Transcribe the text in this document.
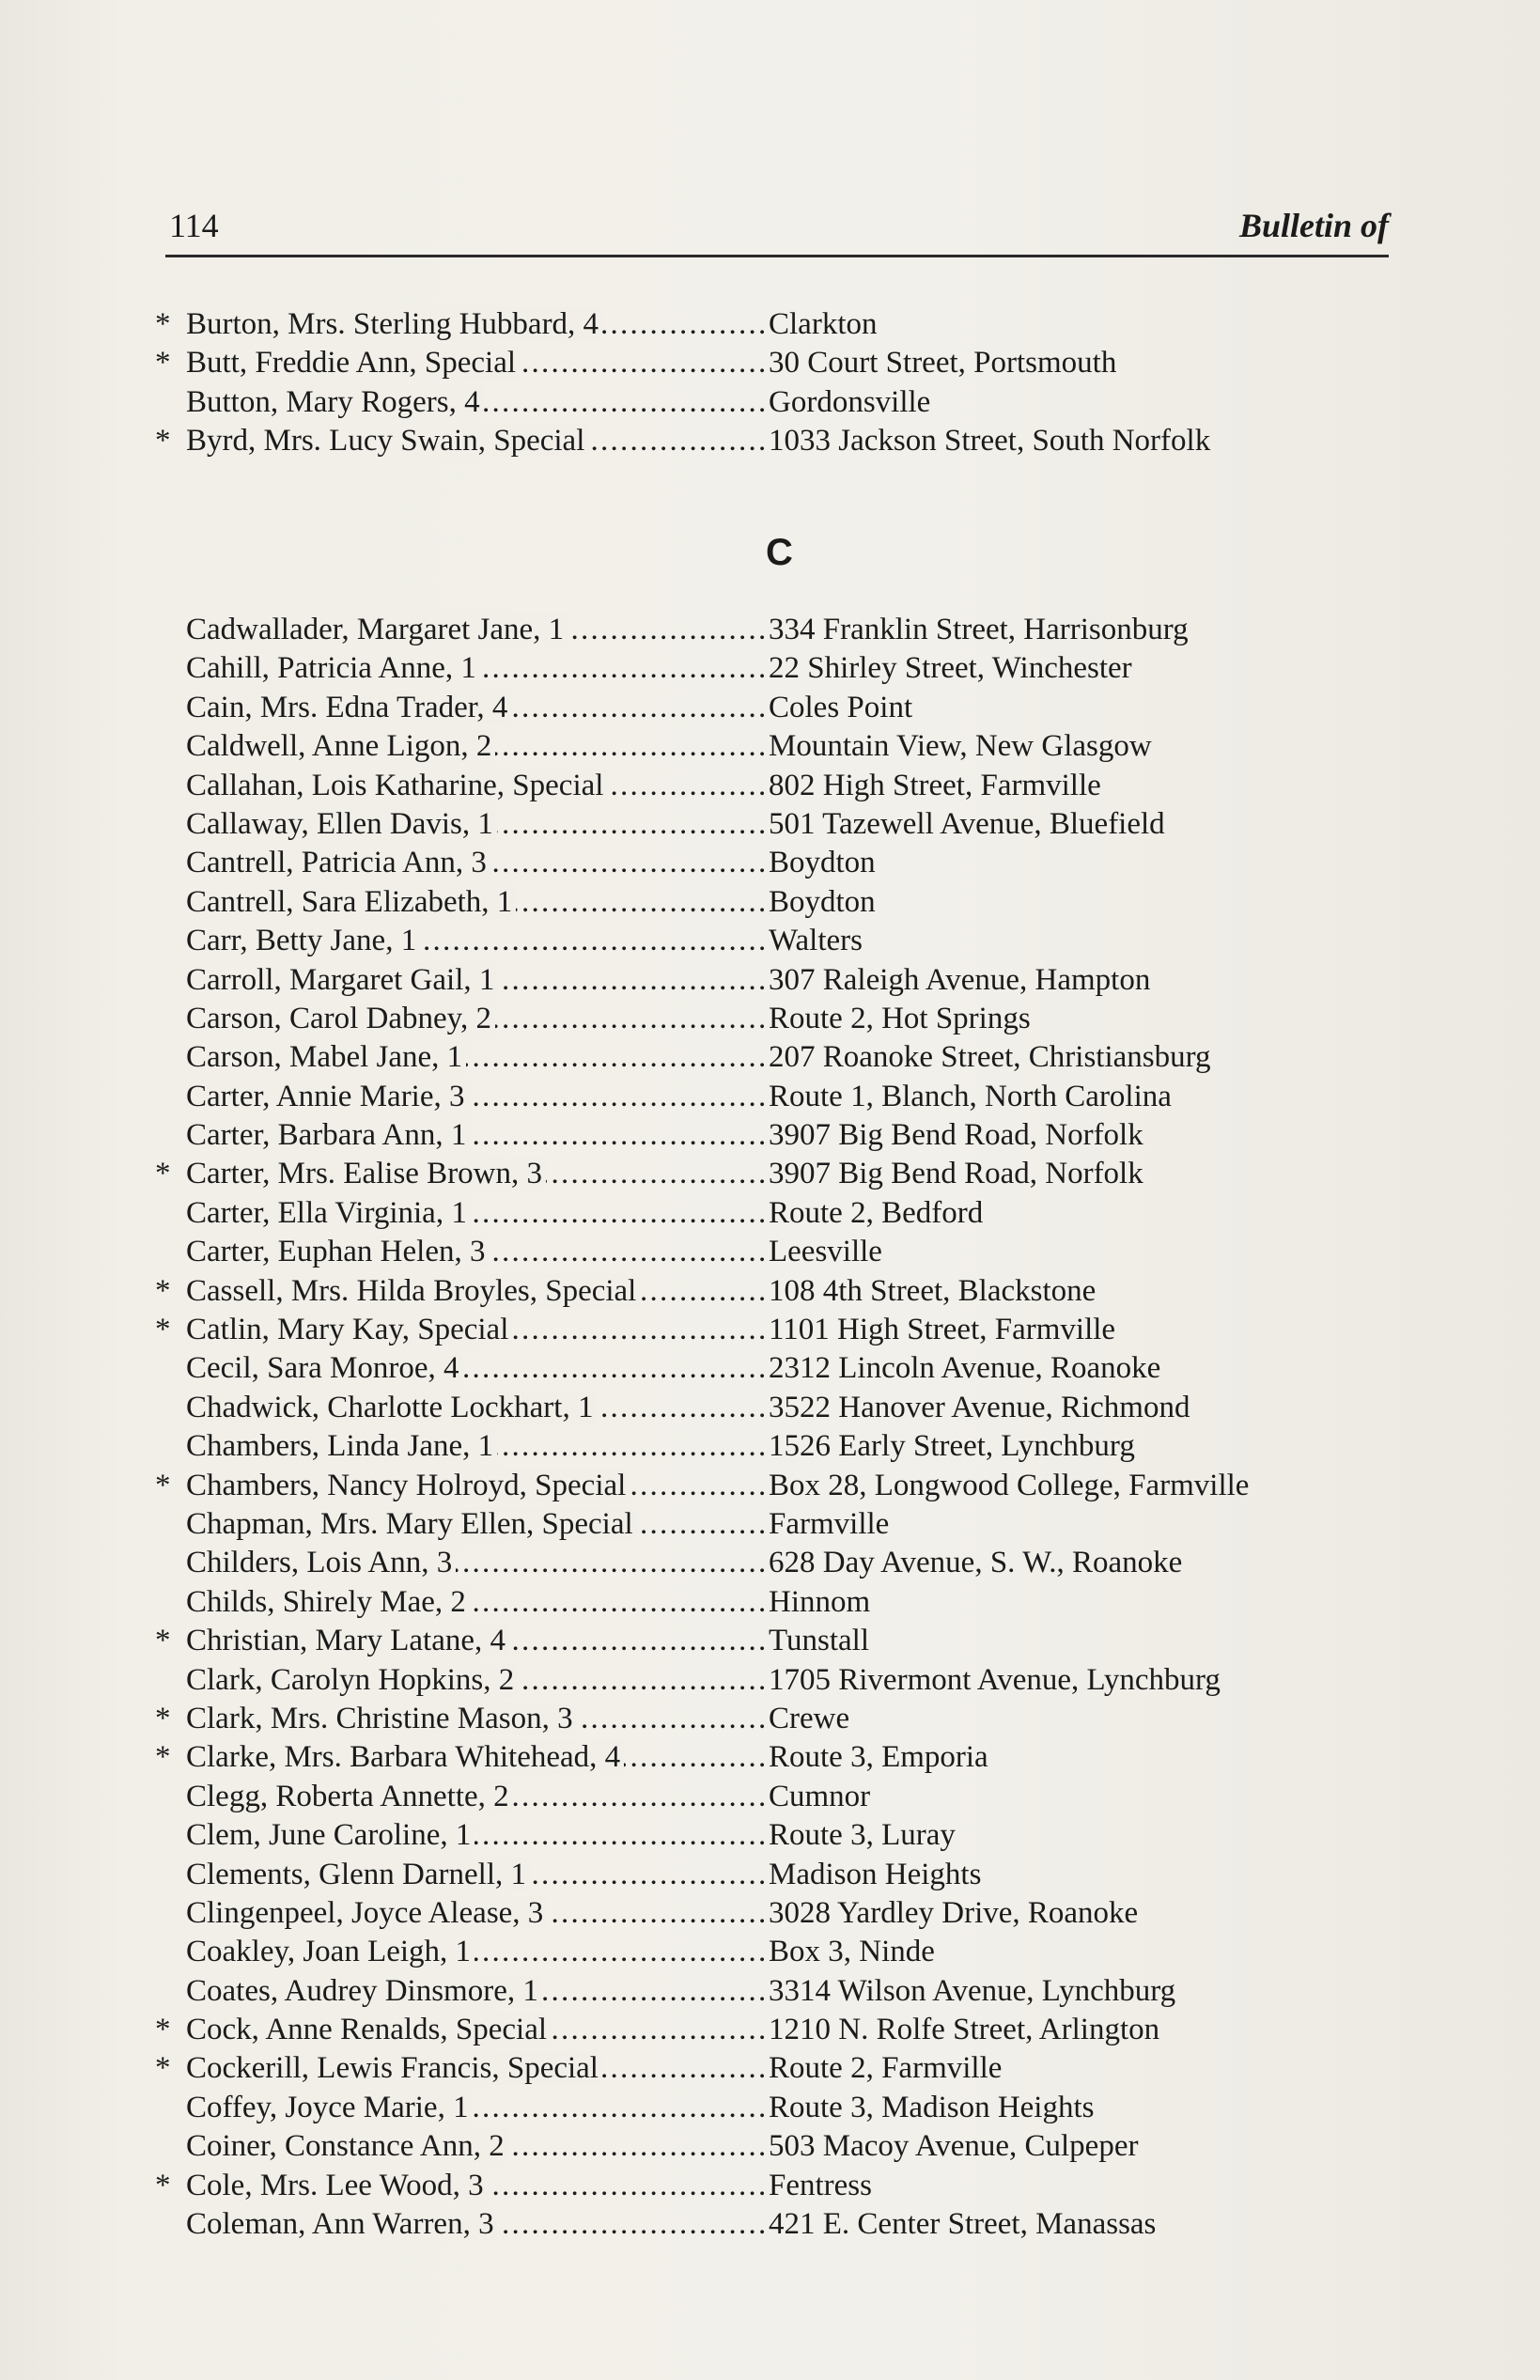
114	Bulletin of
* Burton, Mrs. Sterling Hubbard, 4 . . .	Clarkton
* Butt, Freddie Ann, Special . . .	30 Court Street, Portsmouth
Button, Mary Rogers, 4 . . .	Gordonsville
* Byrd, Mrs. Lucy Swain, Special . . .	1033 Jackson Street, South Norfolk
C
Cadwallader, Margaret Jane, 1 . . .	334 Franklin Street, Harrisonburg
Cahill, Patricia Anne, 1 . . .	22 Shirley Street, Winchester
Cain, Mrs. Edna Trader, 4 . . .	Coles Point
Caldwell, Anne Ligon, 2 . . .	Mountain View, New Glasgow
Callahan, Lois Katharine, Special . . .	802 High Street, Farmville
Callaway, Ellen Davis, 1 . . .	501 Tazewell Avenue, Bluefield
Cantrell, Patricia Ann, 3 . . .	Boydton
Cantrell, Sara Elizabeth, 1 . . .	Boydton
Carr, Betty Jane, 1 . . .	Walters
Carroll, Margaret Gail, 1 . . .	307 Raleigh Avenue, Hampton
Carson, Carol Dabney, 2 . . .	Route 2, Hot Springs
Carson, Mabel Jane, 1 . . .	207 Roanoke Street, Christiansburg
Carter, Annie Marie, 3 . . .	Route 1, Blanch, North Carolina
Carter, Barbara Ann, 1 . . .	3907 Big Bend Road, Norfolk
* Carter, Mrs. Ealise Brown, 3 . . .	3907 Big Bend Road, Norfolk
Carter, Ella Virginia, 1 . . .	Route 2, Bedford
Carter, Euphan Helen, 3 . . .	Leesville
* Cassell, Mrs. Hilda Broyles, Special . . .	108 4th Street, Blackstone
* Catlin, Mary Kay, Special . . .	1101 High Street, Farmville
Cecil, Sara Monroe, 4 . . .	2312 Lincoln Avenue, Roanoke
Chadwick, Charlotte Lockhart, 1 . . .	3522 Hanover Avenue, Richmond
Chambers, Linda Jane, 1 . . .	1526 Early Street, Lynchburg
* Chambers, Nancy Holroyd, Special . . .	Box 28, Longwood College, Farmville
Chapman, Mrs. Mary Ellen, Special . . .	Farmville
Childers, Lois Ann, 3 . . .	628 Day Avenue, S. W., Roanoke
Childs, Shirely Mae, 2 . . .	Hinnom
* Christian, Mary Latane, 4 . . .	Tunstall
Clark, Carolyn Hopkins, 2 . . .	1705 Rivermont Avenue, Lynchburg
* Clark, Mrs. Christine Mason, 3 . . .	Crewe
* Clarke, Mrs. Barbara Whitehead, 4 . . .	Route 3, Emporia
Clegg, Roberta Annette, 2 . . .	Cumnor
Clem, June Caroline, 1 . . .	Route 3, Luray
Clements, Glenn Darnell, 1 . . .	Madison Heights
Clingenpeel, Joyce Alease, 3 . . .	3028 Yardley Drive, Roanoke
Coakley, Joan Leigh, 1 . . .	Box 3, Ninde
Coates, Audrey Dinsmore, 1 . . .	3314 Wilson Avenue, Lynchburg
* Cock, Anne Renalds, Special . . .	1210 N. Rolfe Street, Arlington
* Cockerill, Lewis Francis, Special . . .	Route 2, Farmville
Coffey, Joyce Marie, 1 . . .	Route 3, Madison Heights
Coiner, Constance Ann, 2 . . .	503 Macoy Avenue, Culpeper
* Cole, Mrs. Lee Wood, 3 . . .	Fentress
Coleman, Ann Warren, 3 . . .	421 E. Center Street, Manassas
